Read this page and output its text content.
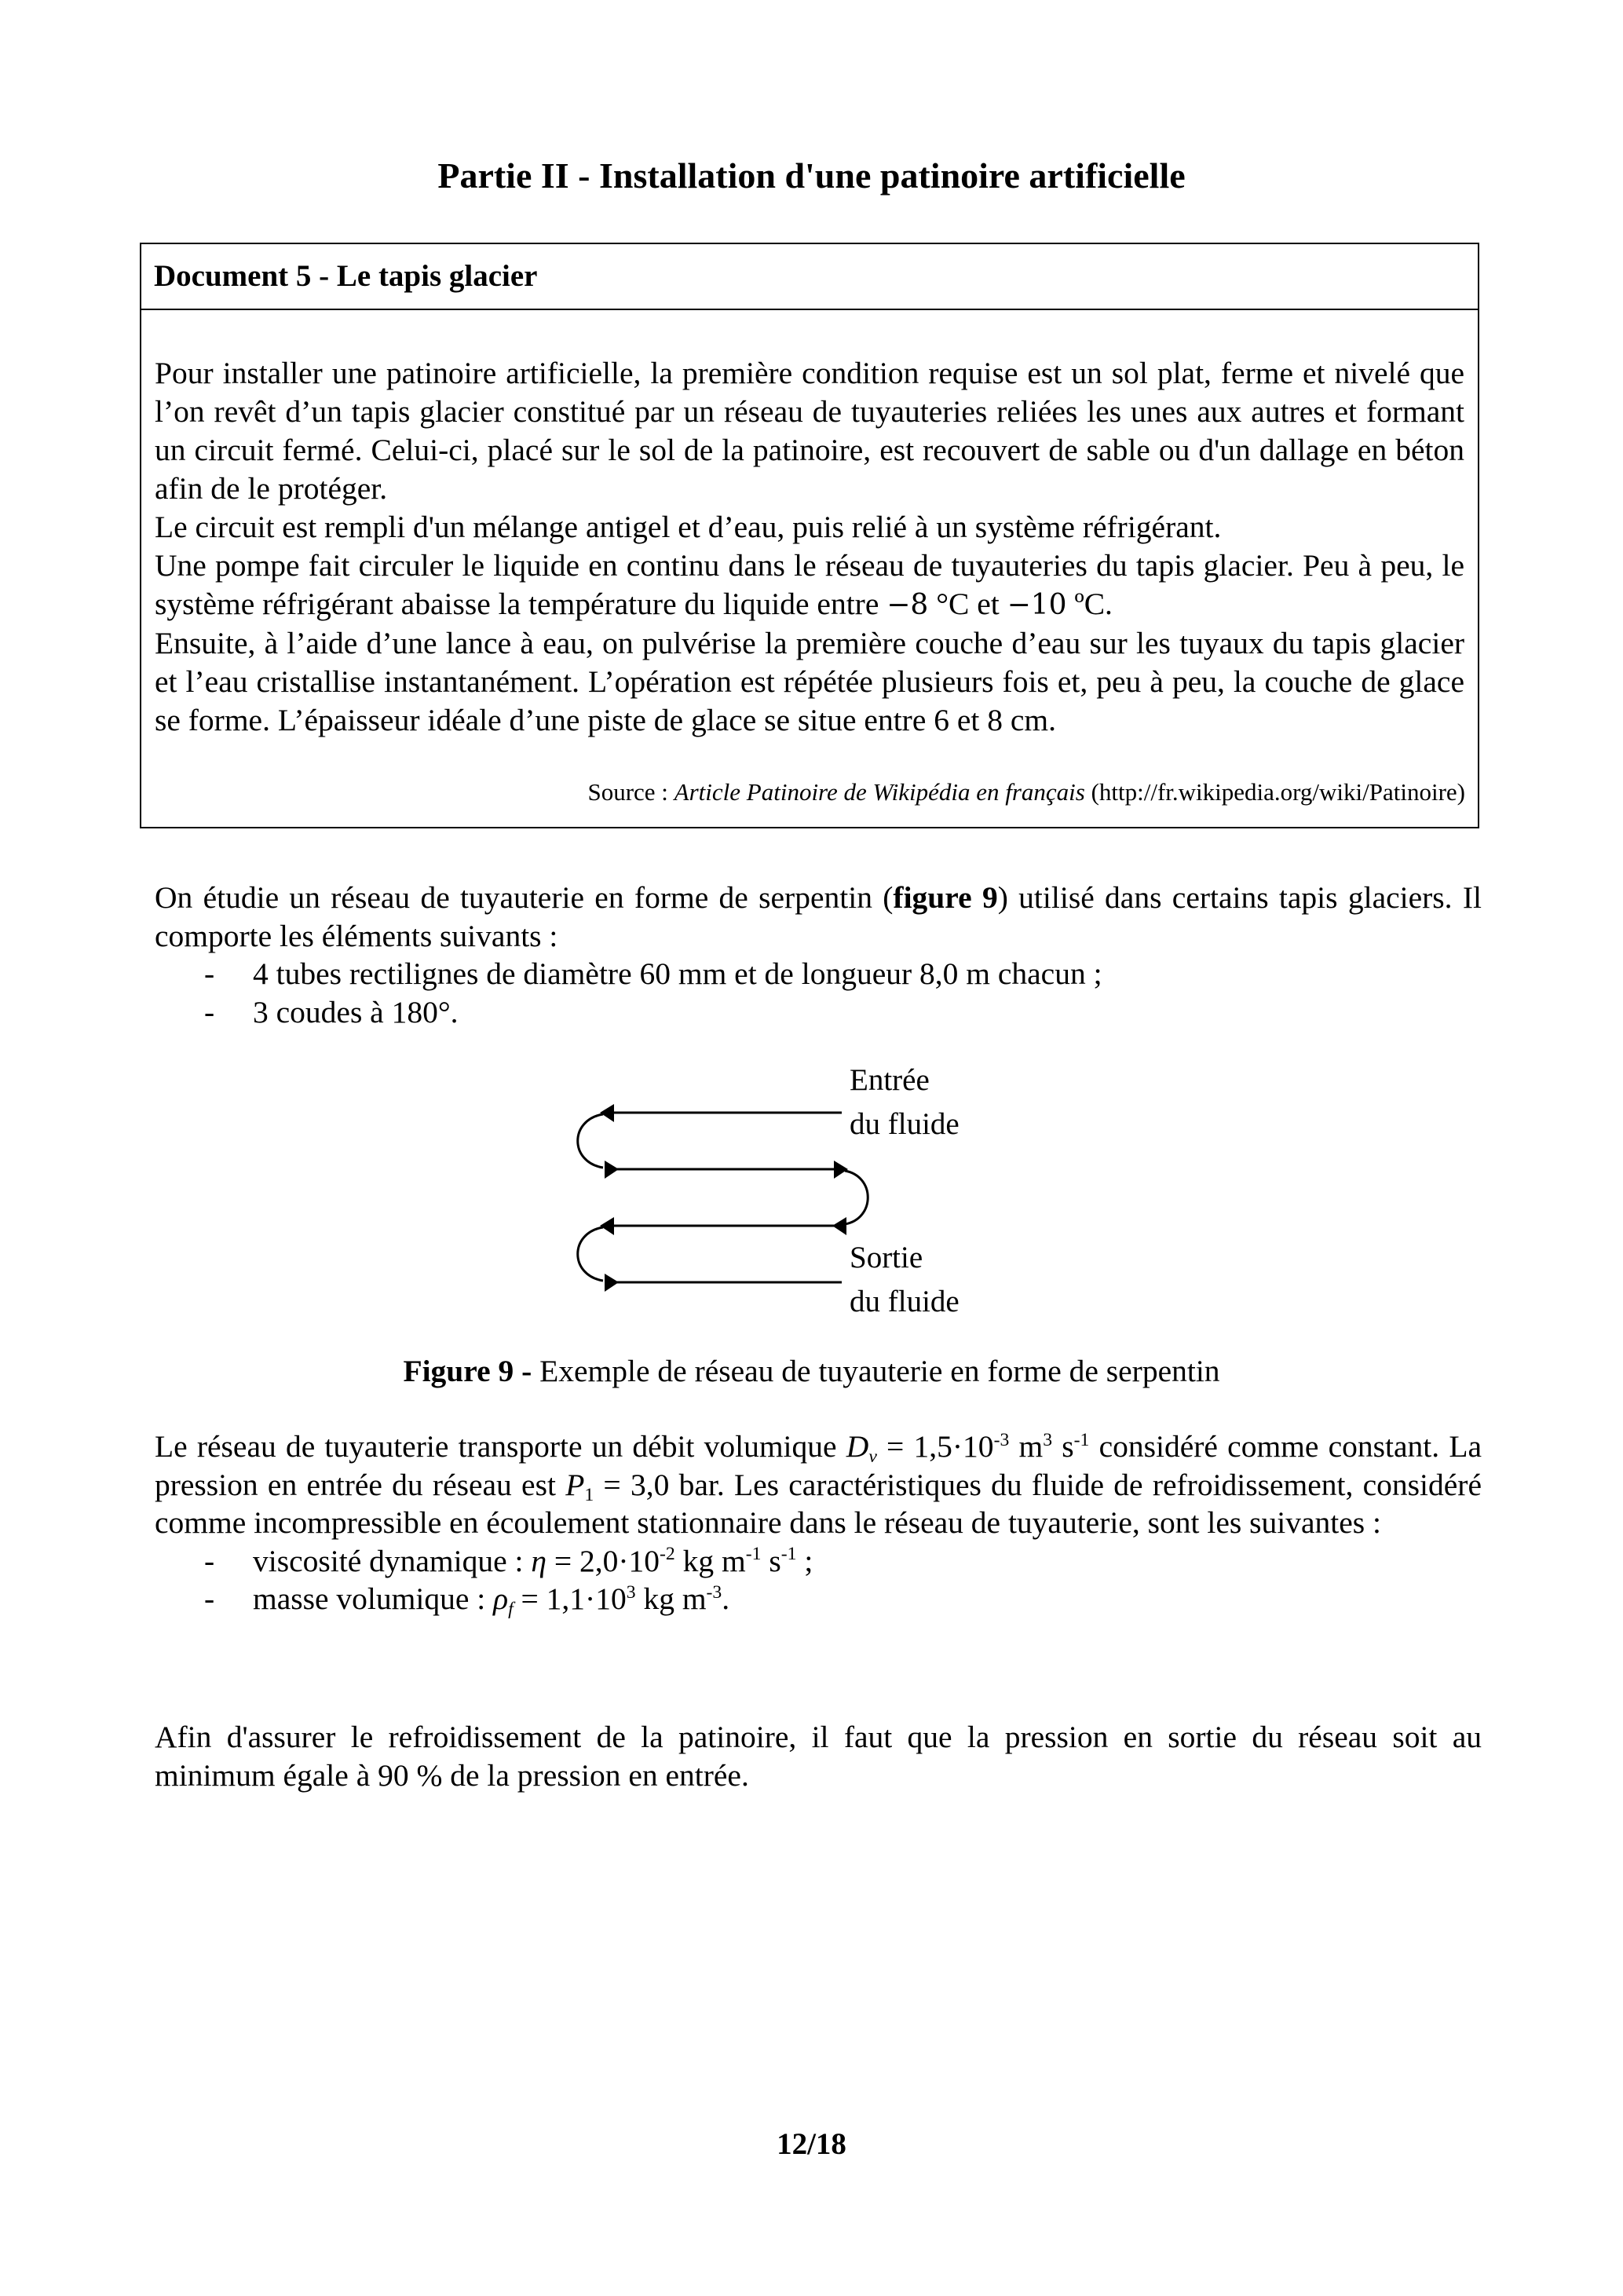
Partie II - Installation d'une patinoire artificielle
Document 5 - Le tapis glacier

Pour installer une patinoire artificielle, la première condition requise est un sol plat, ferme et nivelé que l’on revêt d’un tapis glacier constitué par un réseau de tuyauteries reliées les unes aux autres et formant un circuit fermé. Celui-ci, placé sur le sol de la patinoire, est recouvert de sable ou d'un dallage en béton afin de le protéger.

Le circuit est rempli d'un mélange antigel et d’eau, puis relié à un système réfrigérant.

Une pompe fait circuler le liquide en continu dans le réseau de tuyauteries du tapis glacier. Peu à peu, le système réfrigérant abaisse la température du liquide entre −8 °C et −10 ºC.

Ensuite, à l’aide d’une lance à eau, on pulvérise la première couche d’eau sur les tuyaux du tapis glacier et l’eau cristallise instantanément. L’opération est répétée plusieurs fois et, peu à peu, la couche de glace se forme. L’épaisseur idéale d’une piste de glace se situe entre 6 et 8 cm.

Source : Article Patinoire de Wikipédia en français (http://fr.wikipedia.org/wiki/Patinoire)

On étudie un réseau de tuyauterie en forme de serpentin (figure 9) utilisé dans certains tapis glaciers. Il comporte les éléments suivants :

- 4 tubes rectilignes de diamètre 60 mm et de longueur 8,0 m chacun ;
- 3 coudes à 180°.
Entrée
du fluide
Sortie
du fluide
Figure 9 - Exemple de réseau de tuyauterie en forme de serpentin

Le réseau de tuyauterie transporte un débit volumique $D_v = 1,5\cdot 10^{-3}$ $m^3$ $s^{-1}$ considéré comme constant. La pression en entrée du réseau est $P_1 = 3,0$ bar. Les caractéristiques du fluide de refroidissement, considéré comme incompressible en écoulement stationnaire dans le réseau de tuyauterie, sont les suivantes :

- viscosité dynamique : $\eta = 2,0\cdot 10^{-2}$ kg $m^{-1}$ $s^{-1}$ ;
- masse volumique : $\rho_f = 1,1\cdot 10^3$ kg $m^{-3}$.

Afin d'assurer le refroidissement de la patinoire, il faut que la pression en sortie du réseau soit au minimum égale à 90 % de la pression en entrée.

12/18
